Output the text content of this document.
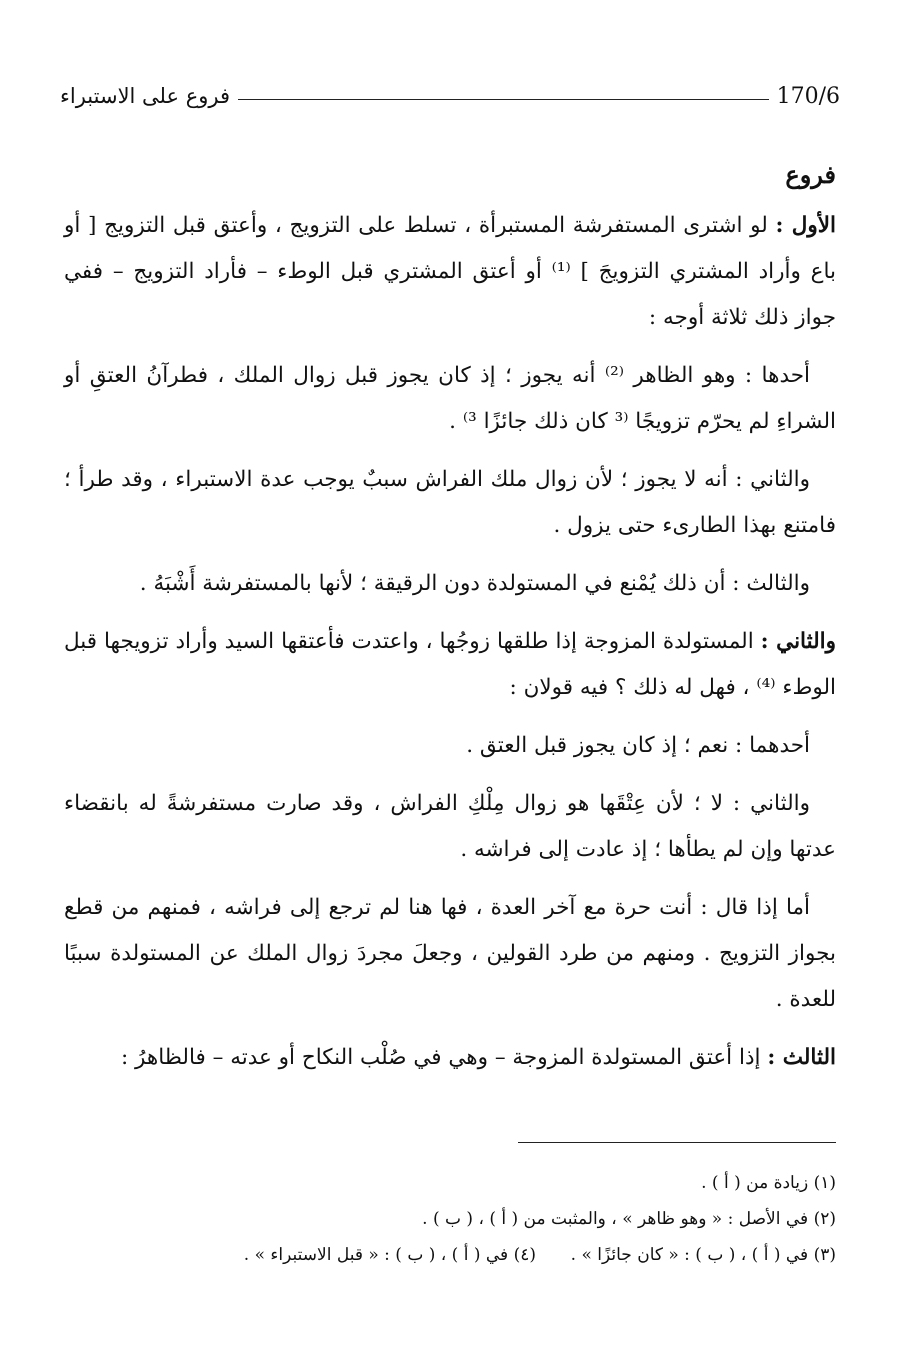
فروع على الاستبراء	170/6
فروع

الأول : لو اشترى المستفرشة المستبرأة ، تسلط على التزويج ، وأعتق قبل التزويج [ أو باع وأراد المشتري التزويجَ ] ⁽¹⁾ أو أعتق المشتري قبل الوطء – فأراد التزويج – ففي جواز ذلك ثلاثة أوجه :

أحدها : وهو الظاهر ⁽²⁾ أنه يجوز ؛ إذ كان يجوز قبل زوال الملك ، فطرآنُ العتقِ أو الشراءِ لم يحرّم تزويجًا ⁽³ كان ذلك جائزًا ³⁾ .

والثاني : أنه لا يجوز ؛ لأن زوال ملك الفراش سببٌ يوجب عدة الاستبراء ، وقد طرأ ؛ فامتنع بهذا الطارىء حتى يزول .

والثالث : أن ذلك يُمْنع في المستولدة دون الرقيقة ؛ لأنها بالمستفرشة أَشْبَهُ .

والثاني : المستولدة المزوجة إذا طلقها زوجُها ، واعتدت فأعتقها السيد وأراد تزويجها قبل الوطء ⁽⁴⁾ ، فهل له ذلك ؟ فيه قولان :

أحدهما : نعم ؛ إذ كان يجوز قبل العتق .

والثاني : لا ؛ لأن عِتْقَها هو زوال مِلْكِ الفراش ، وقد صارت مستفرشةً له بانقضاء عدتها وإن لم يطأها ؛ إذ عادت إلى فراشه .

أما إذا قال : أنت حرة مع آخر العدة ، فها هنا لم ترجع إلى فراشه ، فمنهم من قطع بجواز التزويج . ومنهم من طرد القولين ، وجعلَ مجردَ زوال الملك عن المستولدة سببًا للعدة .

الثالث : إذا أعتق المستولدة المزوجة – وهي في صُلْب النكاح أو عدته – فالظاهرُ :

(١) زيادة من ( أ ) .
(٢) في الأصل : « وهو ظاهر » ، والمثبت من ( أ ) ، ( ب ) .
(٣) في ( أ ) ، ( ب ) : « كان جائزًا » .
(٤) في ( أ ) ، ( ب ) : « قبل الاستبراء » .
